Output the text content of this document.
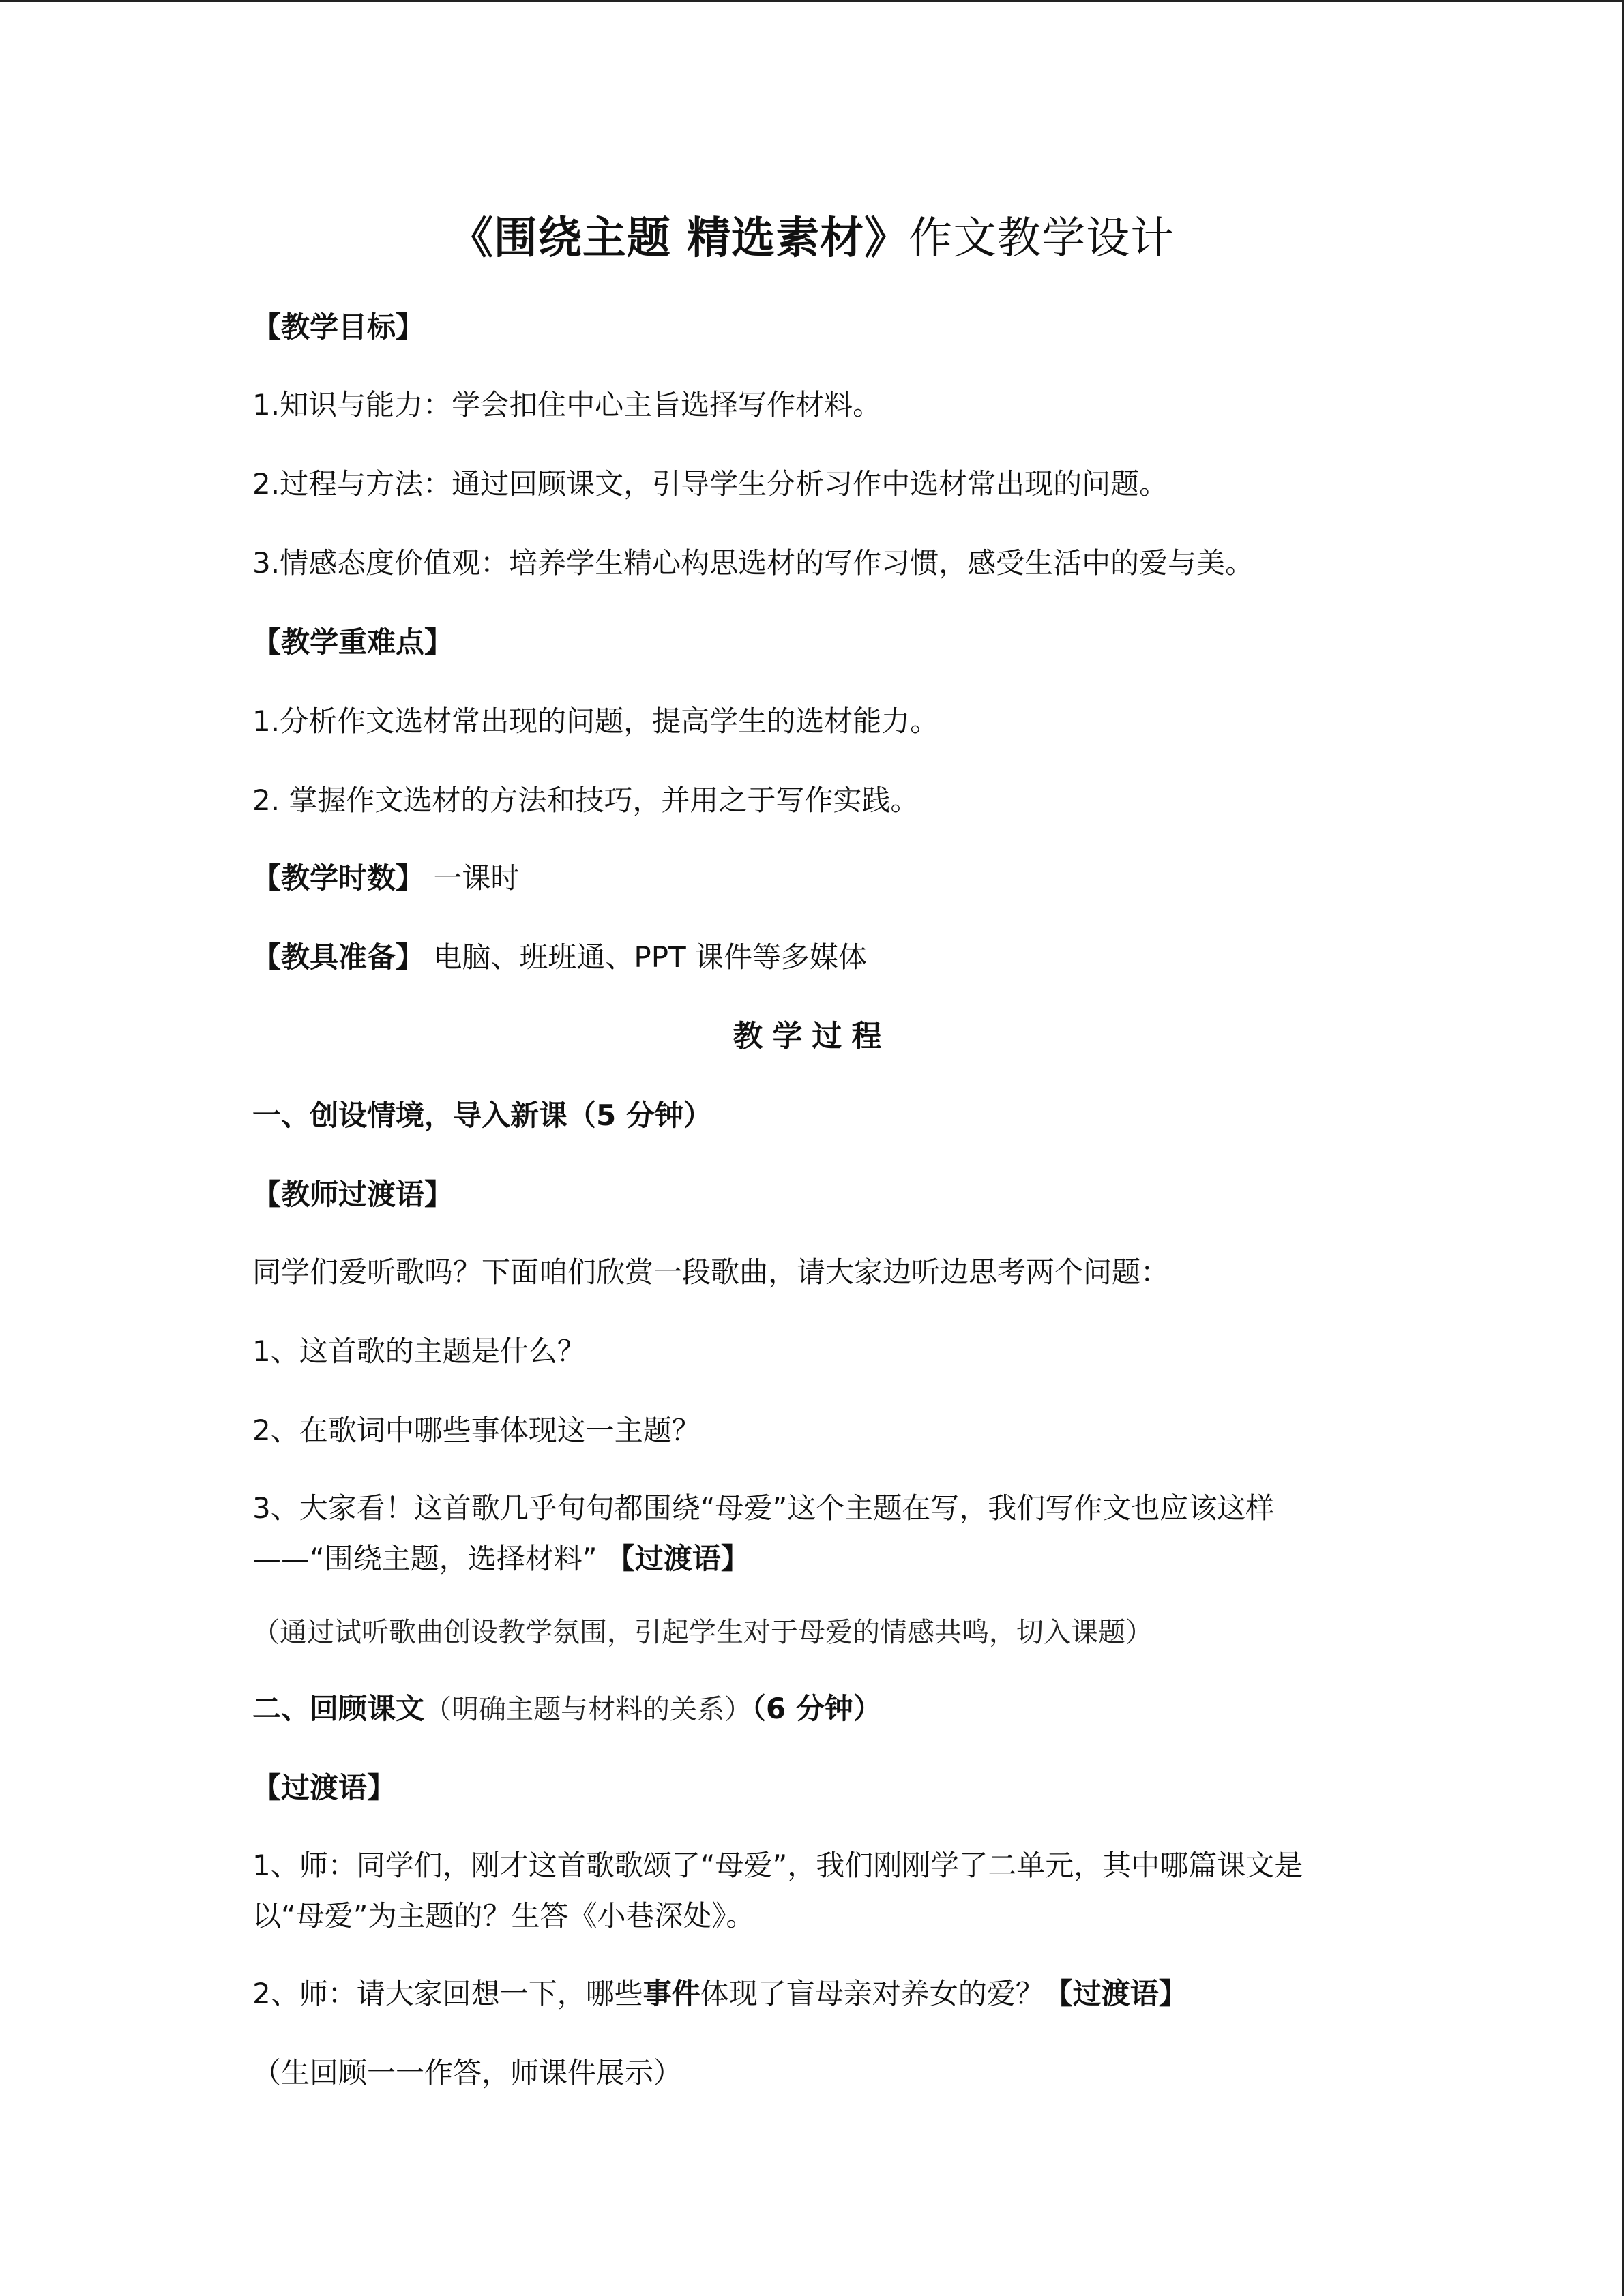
《围绕主题 精选素材》作文教学设计
【教学目标】
1.知识与能力：学会扣住中心主旨选择写作材料。
2.过程与方法：通过回顾课文，引导学生分析习作中选材常出现的问题。
3.情感态度价值观：培养学生精心构思选材的写作习惯，感受生活中的爱与美。
【教学重难点】
1.分析作文选材常出现的问题，提高学生的选材能力。
2. 掌握作文选材的方法和技巧，并用之于写作实践。
【教学时数】 一课时
【教具准备】 电脑、班班通、PPT 课件等多媒体
教学过程
一、创设情境，导入新课（5 分钟）
【教师过渡语】
同学们爱听歌吗？下面咱们欣赏一段歌曲，请大家边听边思考两个问题：
1、这首歌的主题是什么？
2、在歌词中哪些事体现这一主题？
3、大家看！这首歌几乎句句都围绕“母爱”这个主题在写，我们写作文也应该这样
——“围绕主题，选择材料” 【过渡语】
（通过试听歌曲创设教学氛围，引起学生对于母爱的情感共鸣，切入课题）
二、回顾课文（明确主题与材料的关系）（6 分钟）
【过渡语】
1、师：同学们，刚才这首歌歌颂了“母爱”，我们刚刚学了二单元，其中哪篇课文是
以“母爱”为主题的？生答《小巷深处》。
2、师：请大家回想一下，哪些事件体现了盲母亲对养女的爱？【过渡语】
（生回顾一一作答，师课件展示）
